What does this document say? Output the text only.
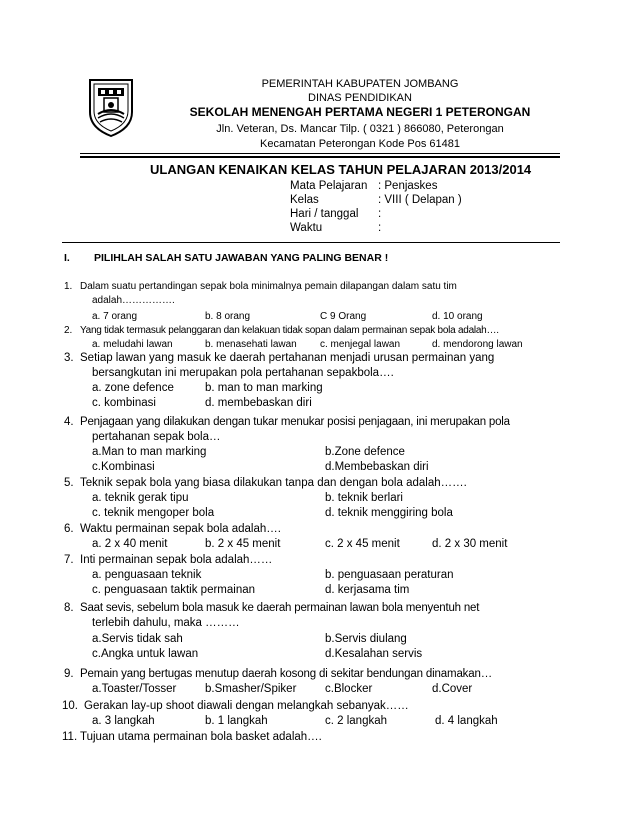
PEMERINTAH KABUPATEN JOMBANG
DINAS PENDIDIKAN
SEKOLAH MENENGAH PERTAMA NEGERI 1 PETERONGAN
Jln. Veteran, Ds. Mancar Tilp. ( 0321 ) 866080, Peterongan
Kecamatan Peterongan Kode Pos 61481
ULANGAN KENAIKAN KELAS TAHUN PELAJARAN 2013/2014
Mata Pelajaran : Penjaskes
Kelas	: VIII ( Delapan )
Hari / tanggal :
Waktu	:
I. PILIHLAH SALAH SATU JAWABAN YANG PALING BENAR !
1. Dalam suatu pertandingan sepak bola minimalnya pemain dilapangan dalam satu tim
adalah…………….
a. 7 orang	b. 8 orang	C 9 Orang	d. 10 orang
2. Yang tidak termasuk pelanggaran dan kelakuan tidak sopan dalam permainan sepak bola adalah….
a. meludahi lawan	b. menasehati lawan c. menjegal lawan	d. mendorong lawan
3. Setiap lawan yang masuk ke daerah pertahanan menjadi urusan permainan yang
bersangkutan ini merupakan pola pertahanan sepakbola….
a. zone defence	b. man to man marking
c. kombinasi	d. membebaskan diri
4. Penjagaan yang dilakukan dengan tukar menukar posisi penjagaan, ini merupakan pola
pertahanan sepak bola…
a.Man to man marking	b.Zone defence
c.Kombinasi	d.Membebaskan diri
5. Teknik sepak bola yang biasa dilakukan tanpa dan dengan bola adalah…….
a. teknik gerak tipu	b. teknik berlari
c. teknik mengoper bola	d. teknik menggiring bola
6. Waktu permainan sepak bola adalah….
a. 2 x 40 menit	b. 2 x 45 menit	c. 2 x 45 menit	d. 2 x 30 menit
7. Inti permainan sepak bola adalah……
a. penguasaan teknik	b. penguasaan peraturan
c. penguasaan taktik permainan	d. kerjasama tim
8. Saat sevis, sebelum bola masuk ke daerah permainan lawan bola menyentuh net
terlebih dahulu, maka ………
a.Servis tidak sah	b.Servis diulang
c.Angka untuk lawan	d.Kesalahan servis
9. Pemain yang bertugas menutup daerah kosong di sekitar bendungan dinamakan…
a.Toaster/Tosser b.Smasher/Spiker c.Blocker	d.Cover
10. Gerakan lay-up shoot diawali dengan melangkah sebanyak……
a. 3 langkah	b. 1 langkah	c. 2 langkah	d. 4 langkah
11. Tujuan utama permainan bola basket adalah….
